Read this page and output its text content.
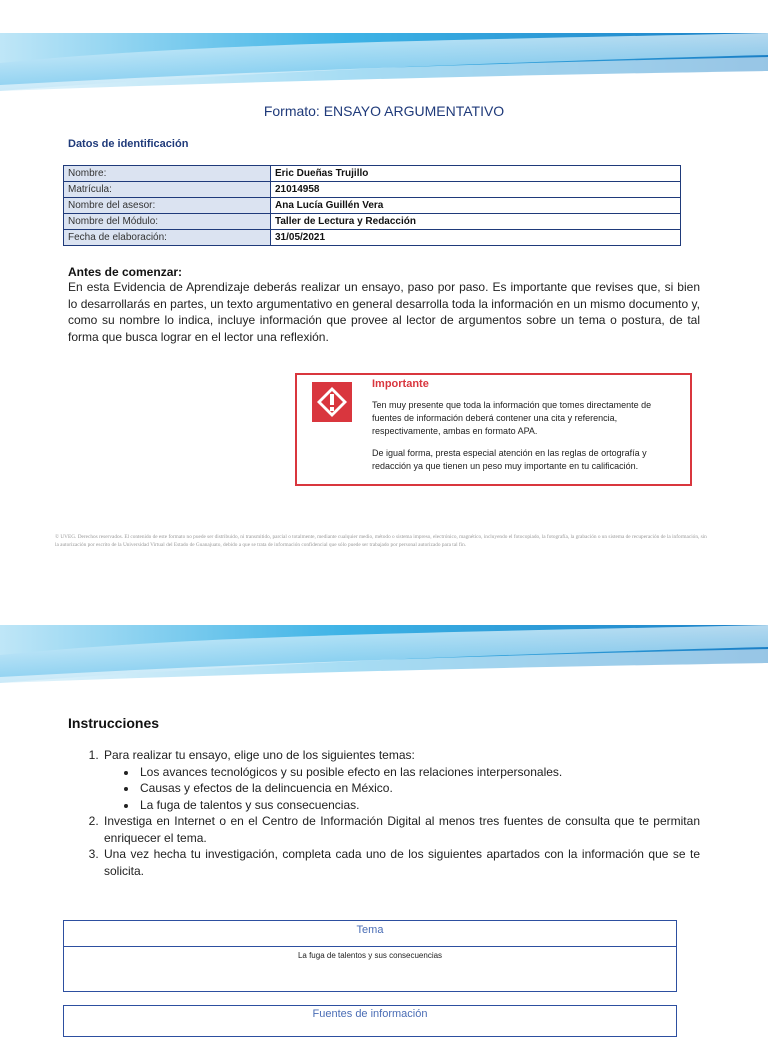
Formato: ENSAYO ARGUMENTATIVO
Datos de identificación
Nombre:	Eric Dueñas Trujillo
Matrícula:	21014958
Nombre del asesor:	Ana Lucía Guillén Vera
Nombre del Módulo:	Taller de Lectura y Redacción
Fecha de elaboración:	31/05/2021
Antes de comenzar:
En esta Evidencia de Aprendizaje deberás realizar un ensayo, paso por paso. Es importante que revises que, si bien lo desarrollarás en partes, un texto argumentativo en general desarrolla toda la información en un mismo documento y, como su nombre lo indica, incluye información que provee al lector de argumentos sobre un tema o postura, de tal forma que busca lograr en el lector una reflexión.
Importante
Ten muy presente que toda la información que tomes directamente de fuentes de información deberá contener una cita y referencia, respectivamente, ambas en formato APA.
De igual forma, presta especial atención en las reglas de ortografía y redacción ya que tienen un peso muy importante en tu calificación.
© UVEG. Derechos reservados. El contenido de este formato no puede ser distribuido, ni transmitido, parcial o totalmente, mediante cualquier medio, método o sistema impreso, electrónico, magnético, incluyendo el fotocopiado, la fotografía, la grabación o un sistema de recuperación de la información, sin la autorización por escrito de la Universidad Virtual del Estado de Guanajuato, debido a que se trata de información confidencial que sólo puede ser trabajado por personal autorizado para tal fin.
Instrucciones
1. Para realizar tu ensayo, elige uno de los siguientes temas:
• Los avances tecnológicos y su posible efecto en las relaciones interpersonales.
• Causas y efectos de la delincuencia en México.
• La fuga de talentos y sus consecuencias.
2. Investiga en Internet o en el Centro de Información Digital al menos tres fuentes de consulta que te permitan enriquecer el tema.
3. Una vez hecha tu investigación, completa cada uno de los siguientes apartados con la información que se te solicita.
Tema
La fuga de talentos y sus consecuencias
Fuentes de información
